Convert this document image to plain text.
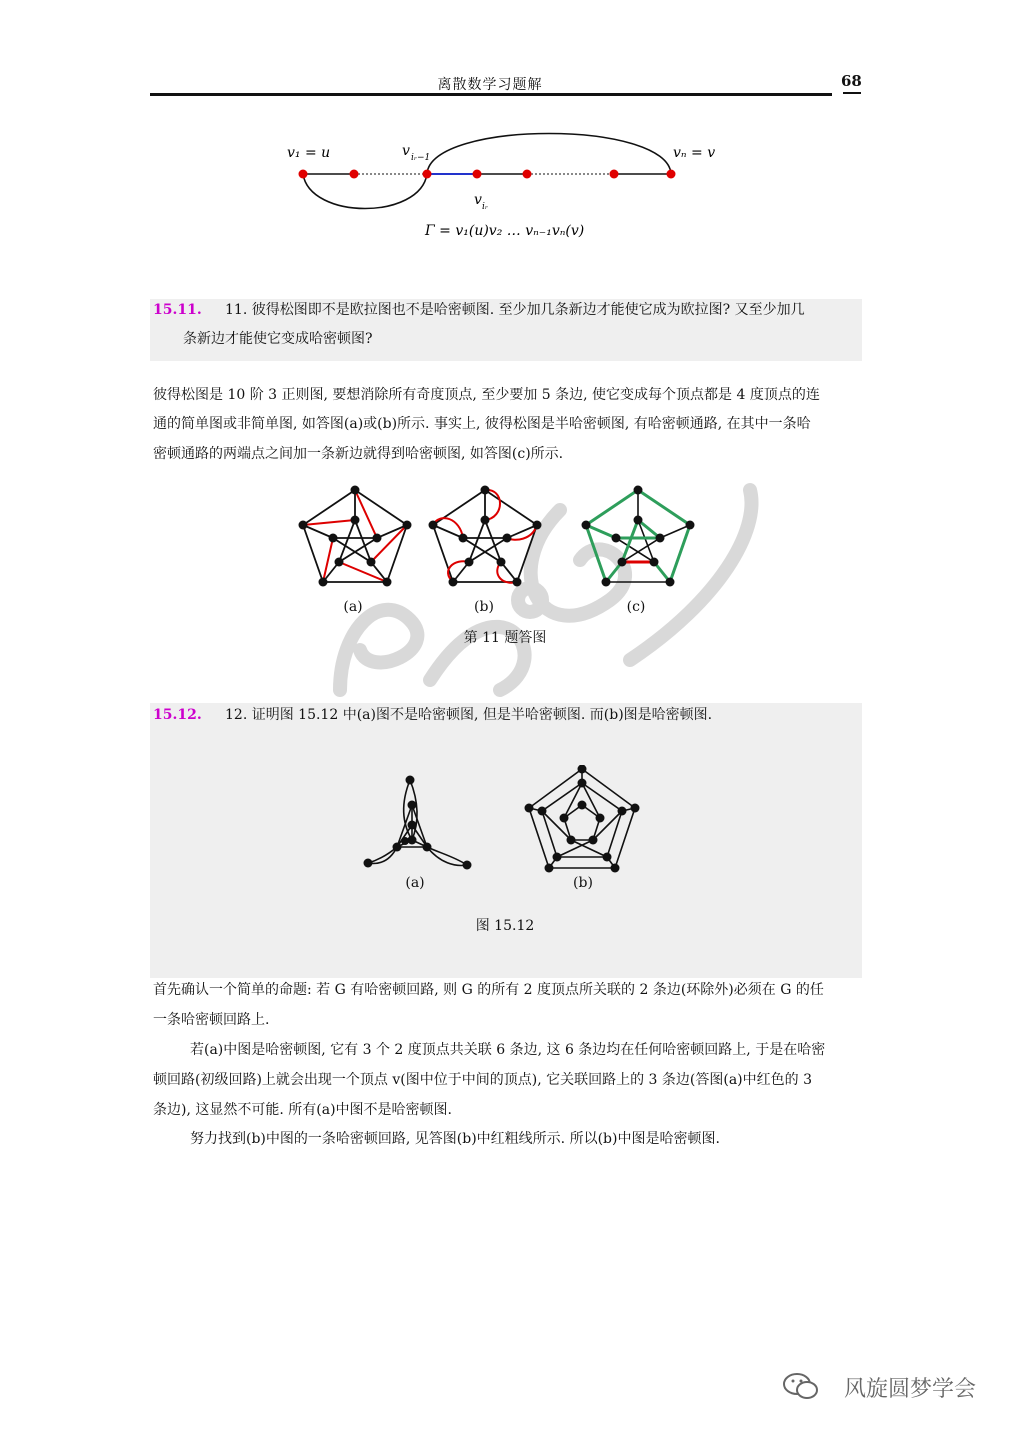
离散数学习题解	68
v₁ = u	v iᵣ−1	vₙ = v
v iᵣ
Γ = v₁(u)v₂ … vₙ₋₁vₙ(v)
15.11. 11. 彼得松图即不是欧拉图也不是哈密顿图. 至少加几条新边才能使它成为欧拉图? 又至少加几
条新边才能使它变成哈密顿图?
彼得松图是 10 阶 3 正则图, 要想消除所有奇度顶点, 至少要加 5 条边, 使它变成每个顶点都是 4 度顶点的连
通的简单图或非简单图, 如答图(a)或(b)所示. 事实上, 彼得松图是半哈密顿图, 有哈密顿通路, 在其中一条哈
密顿通路的两端点之间加一条新边就得到哈密顿图, 如答图(c)所示.
(a)	(b)	(c)
第 11 题答图
15.12. 12. 证明图 15.12 中(a)图不是哈密顿图, 但是半哈密顿图. 而(b)图是哈密顿图.
(a)	(b)
图 15.12
首先确认一个简单的命题: 若 G 有哈密顿回路, 则 G 的所有 2 度顶点所关联的 2 条边(环除外)必须在 G 的任
一条哈密顿回路上.
若(a)中图是哈密顿图, 它有 3 个 2 度顶点共关联 6 条边, 这 6 条边均在任何哈密顿回路上, 于是在哈密
顿回路(初级回路)上就会出现一个顶点 v(图中位于中间的顶点), 它关联回路上的 3 条边(答图(a)中红色的 3
条边), 这显然不可能. 所有(a)中图不是哈密顿图.
努力找到(b)中图的一条哈密顿回路, 见答图(b)中红粗线所示. 所以(b)中图是哈密顿图.
风旋圆梦学会
